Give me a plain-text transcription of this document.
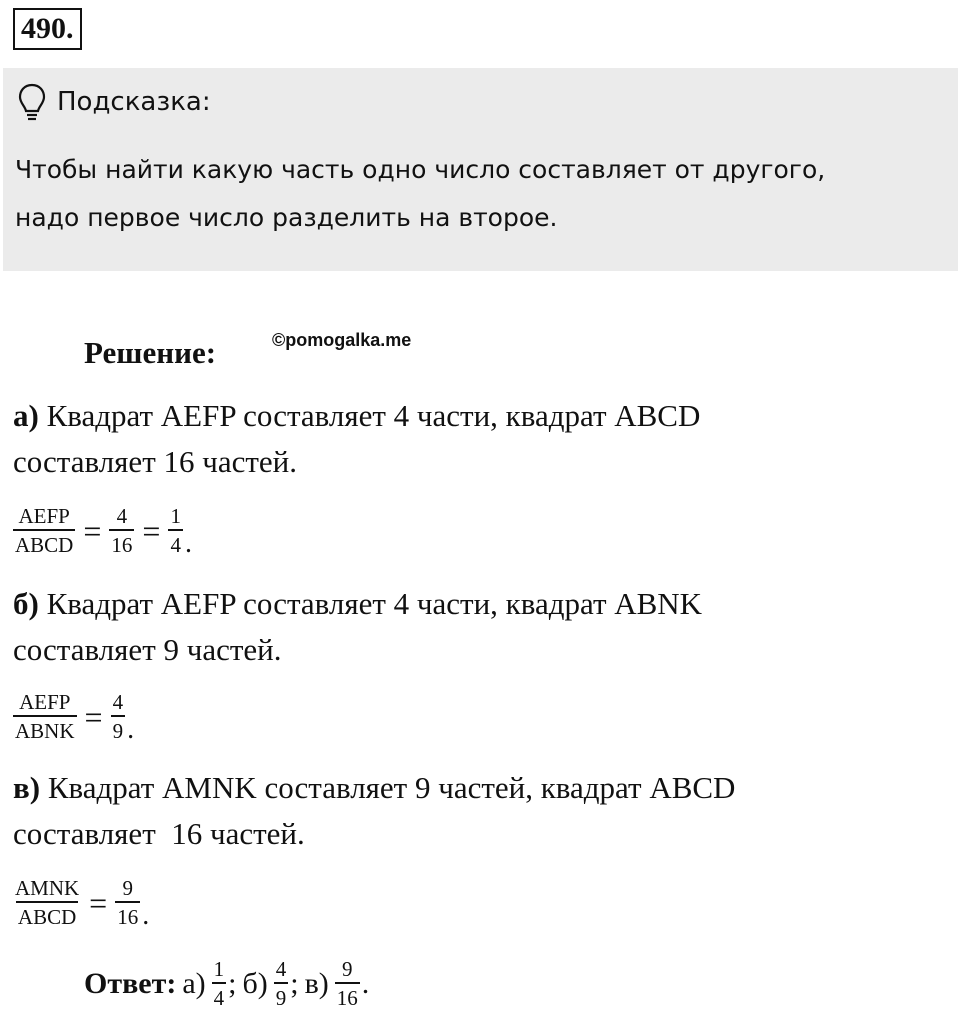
490.
Подсказка:
Чтобы найти какую часть одно число составляет от другого,
надо первое число разделить на второе.
Решение:	©pomogalka.me
а) Квадрат AEFP составляет 4 части, квадрат ABCD
составляет 16 частей.
$\frac{\text{AEFP}}{\text{ABCD}} = \frac{4}{16} = \frac{1}{4}$ .
б) Квадрат AEFP составляет 4 части, квадрат ABNK
составляет 9 частей.
$\frac{\text{AEFP}}{\text{ABNK}} = \frac{4}{9}$ .
в) Квадрат AMNK составляет 9 частей, квадрат ABCD
составляет  16 частей.
$\frac{\text{AMNK}}{\text{ABCD}} = \frac{9}{16}$ .
Ответ: $а) \frac{1}{4}$ ; $б) \frac{4}{9}$ ; $в) \frac{9}{16}$ .
